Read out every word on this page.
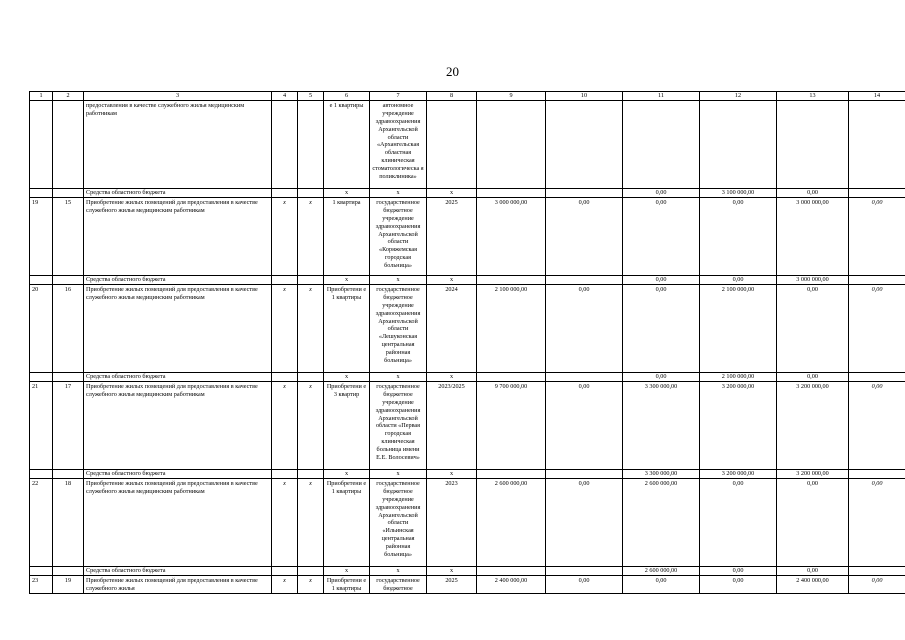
20
1	2	3	4	5	6	7	8	9	10	11	12	13	14
		предоставления в качестве служебного жилья медицинским работникам			е 1 квартиры	автономное учреждение здравоохранения Архангельской области «Архангельская областная клиническая стоматологическа я поликлиника»							
		Средства областного бюджета			х	х	х			0,00	3 100 000,00	0,00	
19	15	Приобретение жилых помещений для предоставления в качестве служебного жилья медицинским работникам	х	х	1 квартира	государственное бюджетное учреждение здравоохранения Архангельской области «Коряжемская городская больница»	2025	3 000 000,00	0,00	0,00	0,00	3 000 000,00	0,00
		Средства областного бюджета			х	х	х			0,00	0,00	3 000 000,00	
20	16	Приобретение жилых помещений для предоставления в качестве служебного жилья медицинским работникам	х	х	Приобретени е 1 квартиры	государственное бюджетное учреждение здравоохранения Архангельской области «Лешуконская центральная районная больница»	2024	2 100 000,00	0,00	0,00	2 100 000,00	0,00	0,00
		Средства областного бюджета			х	х	х			0,00	2 100 000,00	0,00	
21	17	Приобретение жилых помещений для предоставления в качестве служебного жилья медицинским работникам	х	х	Приобретени е 3 квартир	государственное бюджетное учреждение здравоохранения Архангельской области «Первая городская клиническая больница имени Е.Е. Волосевич»	2023/2025	9 700 000,00	0,00	3 300 000,00	3 200 000,00	3 200 000,00	0,00
		Средства областного бюджета			х	х	х			3 300 000,00	3 200 000,00	3 200 000,00	
22	18	Приобретение жилых помещений для предоставления в качестве служебного жилья медицинским работникам	х	х	Приобретени е 1 квартиры	государственное бюджетное учреждение здравоохранения Архангельской области «Ильинская центральная районная больница»	2023	2 600 000,00	0,00	2 600 000,00	0,00	0,00	0,00
		Средства областного бюджета			х	х	х			2 600 000,00	0,00	0,00	
23	19	Приобретение жилых помещений для предоставления в качестве служебного жилья	х	х	Приобретени е 1 квартиры	государственное бюджетное	2025	2 400 000,00	0,00	0,00	0,00	2 400 000,00	0,00
